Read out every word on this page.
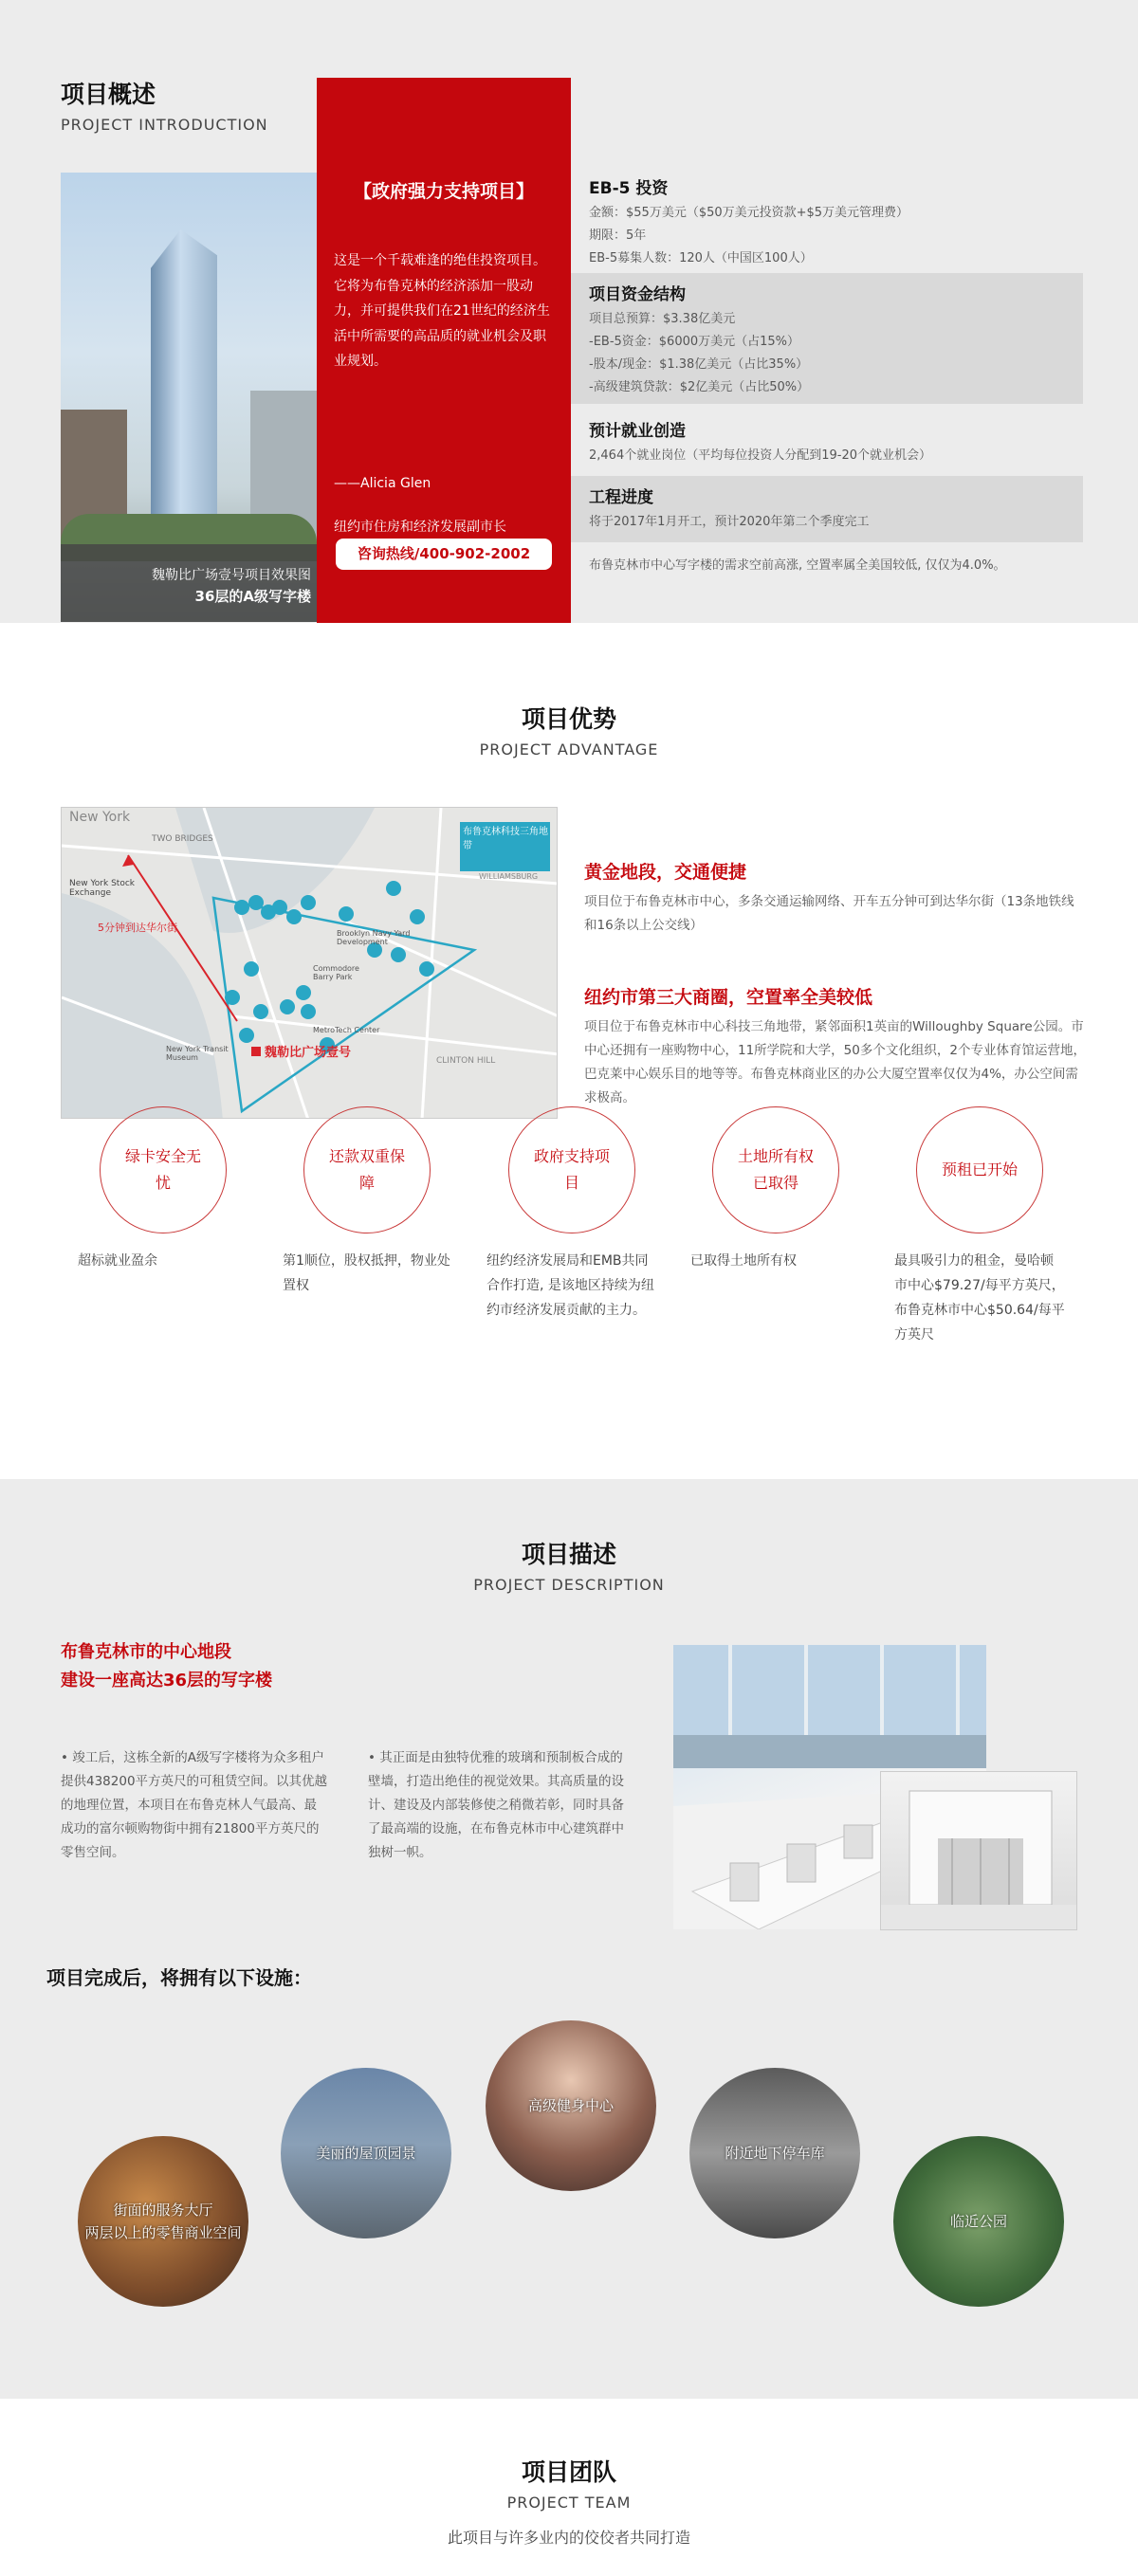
项目概述
PROJECT INTRODUCTION
魏勒比广场壹号项目效果图
36层的A级写字楼
【政府强力支持项目】
这是一个千载难逢的绝佳投资项目。它将为布鲁克林的经济添加一股动力，并可提供我们在21世纪的经济生活中所需要的高品质的就业机会及职业规划。
——Alicia Glen
纽约市住房和经济发展副市长
咨询热线/400-902-2002
EB-5 投资

金额：$55万美元（$50万美元投资款+$5万美元管理费）

期限：5年

EB-5募集人数：120人（中国区100人）

项目资金结构

项目总预算：$3.38亿美元

-EB-5资金：$6000万美元（占15%）

-股本/现金：$1.38亿美元（占比35%）

-高级建筑贷款：$2亿美元（占比50%）

预计就业创造

2,464个就业岗位（平均每位投资人分配到19-20个就业机会）

工程进度

将于2017年1月开工，预计2020年第二个季度完工

布鲁克林市中心写字楼的需求空前高涨, 空置率属全美国较低, 仅仅为4.0%。
项目优势
PROJECT ADVANTAGE
New York
TWO BRIDGES
New York Stock Exchange
5分钟到达华尔街
布鲁克林科技三角地带
WILLIAMSBURG
Brooklyn Navy Yard Development
Commodore Barry Park
MetroTech Center
New York Transit Museum	魏勒比广场壹号
CLINTON HILL
黄金地段，交通便捷
项目位于布鲁克林市中心，多条交通运输网络、开车五分钟可到达华尔街（13条地铁线和16条以上公交线）
纽约市第三大商圈，空置率全美较低
项目位于布鲁克林市中心科技三角地带，紧邻面积1英亩的Willoughby Square公园。市中心还拥有一座购物中心，11所学院和大学，50多个文化组织，2个专业体育馆运营地，巴克莱中心娱乐目的地等等。布鲁克林商业区的办公大厦空置率仅仅为4%，办公空间需求极高。
绿卡安全无忧
还款双重保障
政府支持项目
土地所有权已取得
预租已开始
超标就业盈余	第1顺位，股权抵押，物业处置权
纽约经济发展局和EMB共同合作打造, 是该地区持续为纽约市经济发展贡献的主力。
已取得土地所有权	最具吸引力的租金，曼哈顿市中心$79.27/每平方英尺，布鲁克林市中心$50.64/每平方英尺
项目描述
PROJECT DESCRIPTION
布鲁克林市的中心地段
建设一座高达36层的写字楼
• 竣工后，这栋全新的A级写字楼将为众多租户提供438200平方英尺的可租赁空间。以其优越的地理位置，本项目在布鲁克林人气最高、最成功的富尔顿购物街中拥有21800平方英尺的零售空间。
• 其正面是由独特优雅的玻璃和预制板合成的壁墙，打造出绝佳的视觉效果。其高质量的设计、建设及内部装修使之稍微若彰，同时具备了最高端的设施，在布鲁克林市中心建筑群中独树一帜。
项目完成后，将拥有以下设施：
街面的服务大厅
两层以上的零售商业空间
美丽的屋顶园景
高级健身中心
附近地下停车库
临近公园
项目团队
PROJECT TEAM
此项目与许多业内的佼佼者共同打造
